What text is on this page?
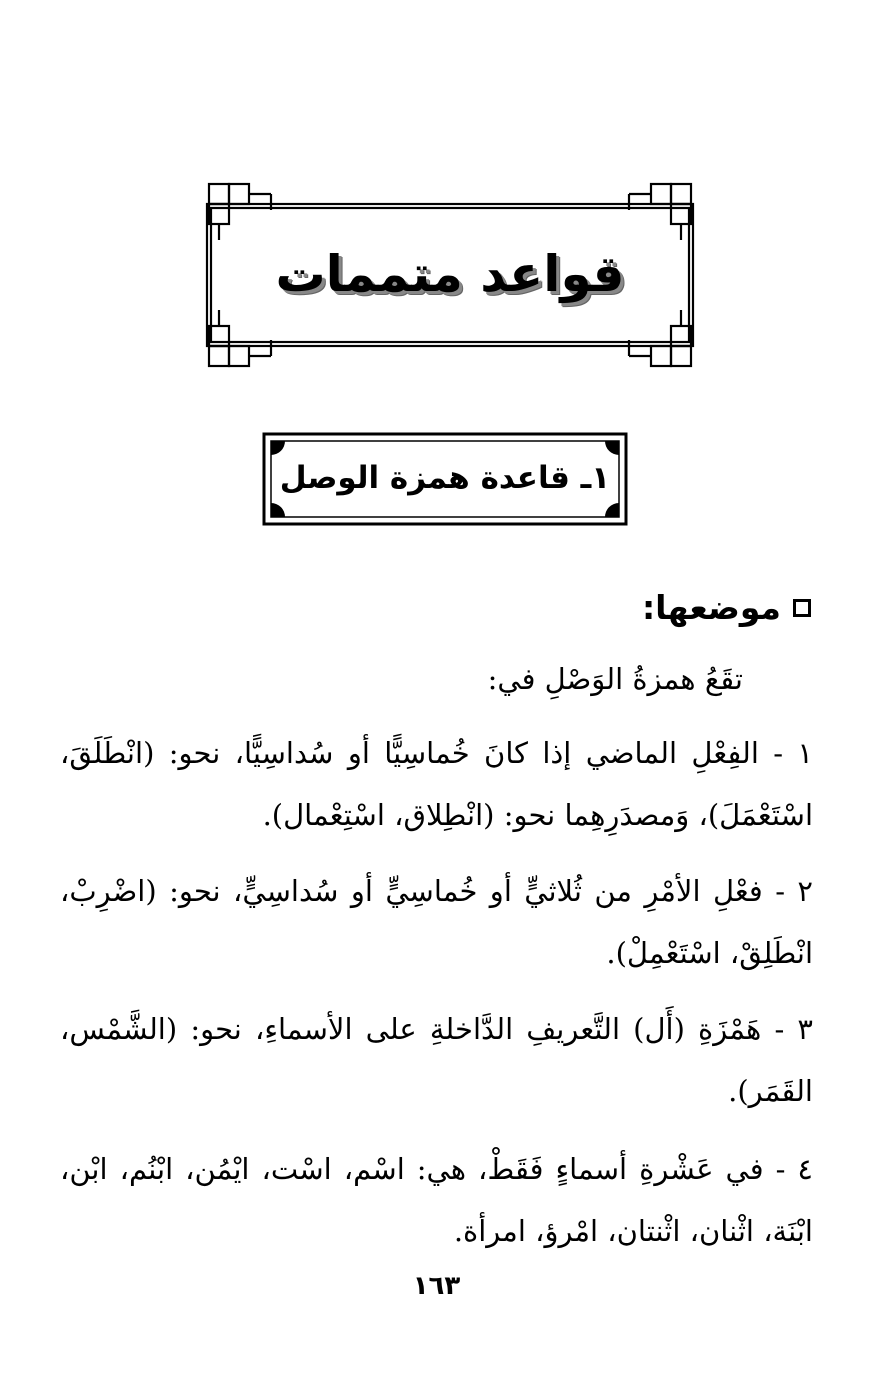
قواعد متممات
١ـ قاعدة همزة الوصل
موضعها:
تقَعُ همزةُ الوَصْلِ في:
١ - الفِعْلِ الماضي إذا كانَ خُماسِيًّا أو سُداسِيًّا، نحو: (انْطَلَقَ، اسْتَعْمَلَ)، وَمصدَرِهِما نحو: (انْطِلاق، اسْتِعْمال).
٢ - فعْلِ الأمْرِ من ثُلاثيٍّ أو خُماسِيٍّ أو سُداسِيٍّ، نحو: (اضْرِبْ، انْطَلِقْ، اسْتَعْمِلْ).
٣ - هَمْزَةِ (أَل) التَّعريفِ الدَّاخلةِ على الأسماءِ، نحو: (الشَّمْس، القَمَر).
٤ - في عَشْرةِ أسماءٍ فَقَطْ، هي: اسْم، اسْت، ايْمُن، ابْنُم، ابْن، ابْنَة، اثْنان، اثْنتان، امْرؤ، امرأة.
١٦٣
